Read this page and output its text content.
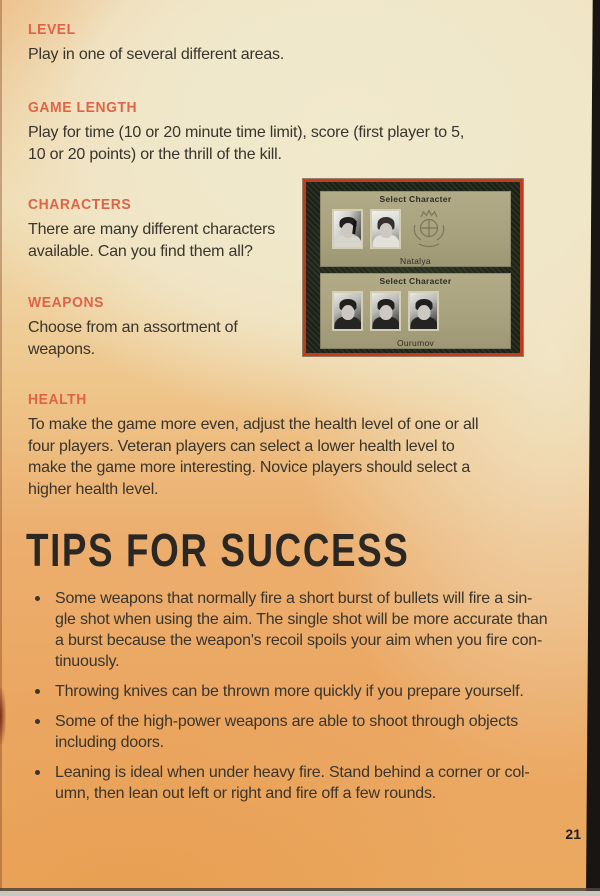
LEVEL
Play in one of several different areas.
GAME LENGTH
Play for time (10 or 20 minute time limit), score (first player to 5,
10 or 20 points) or the thrill of the kill.
CHARACTERS
There are many different characters
available. Can you find them all?
WEAPONS
Choose from an assortment of
weapons.
Select Character
Natalya
Select Character
Ourumov
HEALTH
To make the game more even, adjust the health level of one or all
four players. Veteran players can select a lower health level to
make the game more interesting. Novice players should select a
higher health level.
TIPS FOR SUCCESS
Some weapons that normally fire a short burst of bullets will fire a sin-
gle shot when using the aim. The single shot will be more accurate than
a burst because the weapon's recoil spoils your aim when you fire con-
tinuously.
Throwing knives can be thrown more quickly if you prepare yourself.
Some of the high-power weapons are able to shoot through objects
including doors.
Leaning is ideal when under heavy fire. Stand behind a corner or col-
umn, then lean out left or right and fire off a few rounds.
21
